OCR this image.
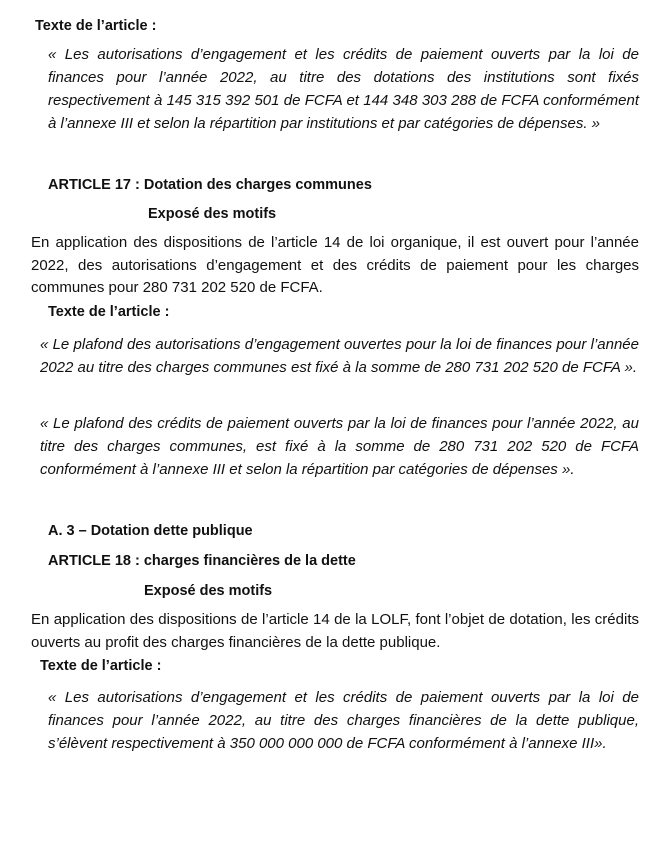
Texte de l’article :

« Les autorisations d’engagement et les crédits de paiement ouverts par la loi de finances pour l’année 2022, au titre des dotations des institutions sont fixés respectivement à 145 315 392 501 de FCFA et 144 348 303 288 de FCFA conformément à l’annexe III et selon la répartition par institutions et par catégories de dépenses. »

ARTICLE 17 : Dotation des charges communes
Exposé des motifs

En application des dispositions de l’article 14 de loi organique, il est ouvert pour l’année 2022, des autorisations d’engagement et des crédits de paiement pour les charges communes pour 280 731 202 520 de FCFA.

Texte de l’article :

« Le plafond des autorisations d’engagement ouvertes pour la loi de finances pour l’année 2022 au titre des charges communes est fixé à la somme de 280 731 202 520 de FCFA ».

« Le plafond des crédits de paiement ouverts par la loi de finances pour l’année 2022, au titre des charges communes, est fixé à la somme de 280 731 202 520 de FCFA conformément à l’annexe III et selon la répartition par catégories de dépenses ».

A. 3 – Dotation dette publique
ARTICLE 18 : charges financières de la dette
Exposé des motifs

En application des dispositions de l’article 14 de la LOLF, font l’objet de dotation, les crédits ouverts au profit des charges financières de la dette publique.

Texte de l’article :

« Les autorisations d’engagement et les crédits de paiement ouverts par la loi de finances pour l’année 2022, au titre des charges financières de la dette publique, s’élèvent respectivement à 350 000 000 000 de FCFA conformément à l’annexe III».
